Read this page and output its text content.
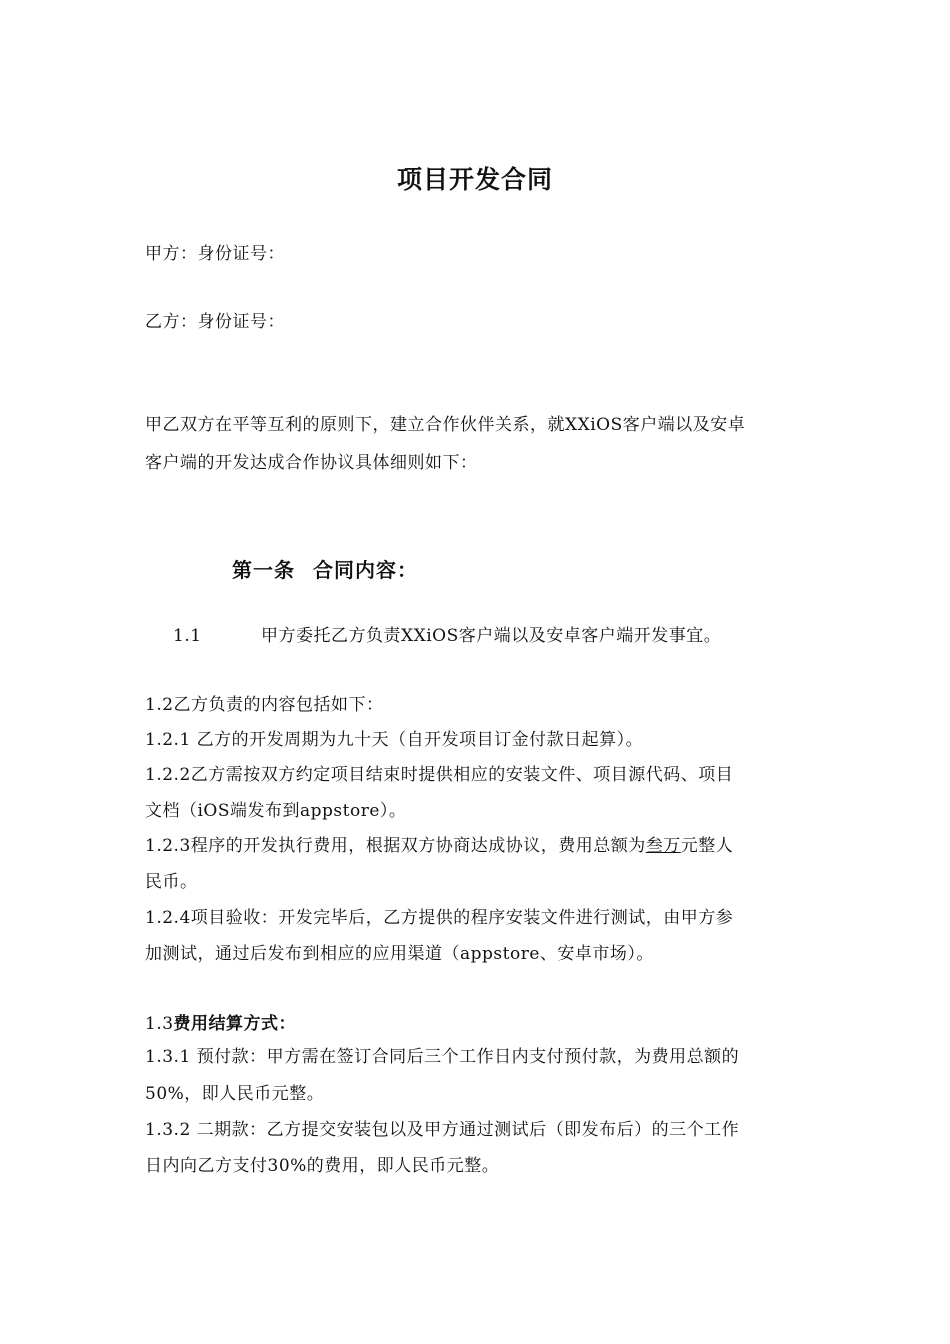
项目开发合同
甲方：身份证号：
乙方：身份证号：
甲乙双方在平等互利的原则下，建立合作伙伴关系，就XXiOS客户端以及安卓
客户端的开发达成合作协议具体细则如下：
第一条 合同内容：
1.1	甲方委托乙方负责XXiOS客户端以及安卓客户端开发事宜。
1.2乙方负责的内容包括如下：
1.2.1 乙方的开发周期为九十天（自开发项目订金付款日起算）。
1.2.2乙方需按双方约定项目结束时提供相应的安装文件、项目源代码、项目
文档（iOS端发布到appstore）。
1.2.3程序的开发执行费用，根据双方协商达成协议，费用总额为叁万元整人
民币。
1.2.4项目验收：开发完毕后，乙方提供的程序安装文件进行测试，由甲方参
加测试，通过后发布到相应的应用渠道（appstore、安卓市场）。
1.3费用结算方式：
1.3.1 预付款：甲方需在签订合同后三个工作日内支付预付款，为费用总额的
50%，即人民币元整。
1.3.2 二期款：乙方提交安装包以及甲方通过测试后（即发布后）的三个工作
日内向乙方支付30%的费用，即人民币元整。
